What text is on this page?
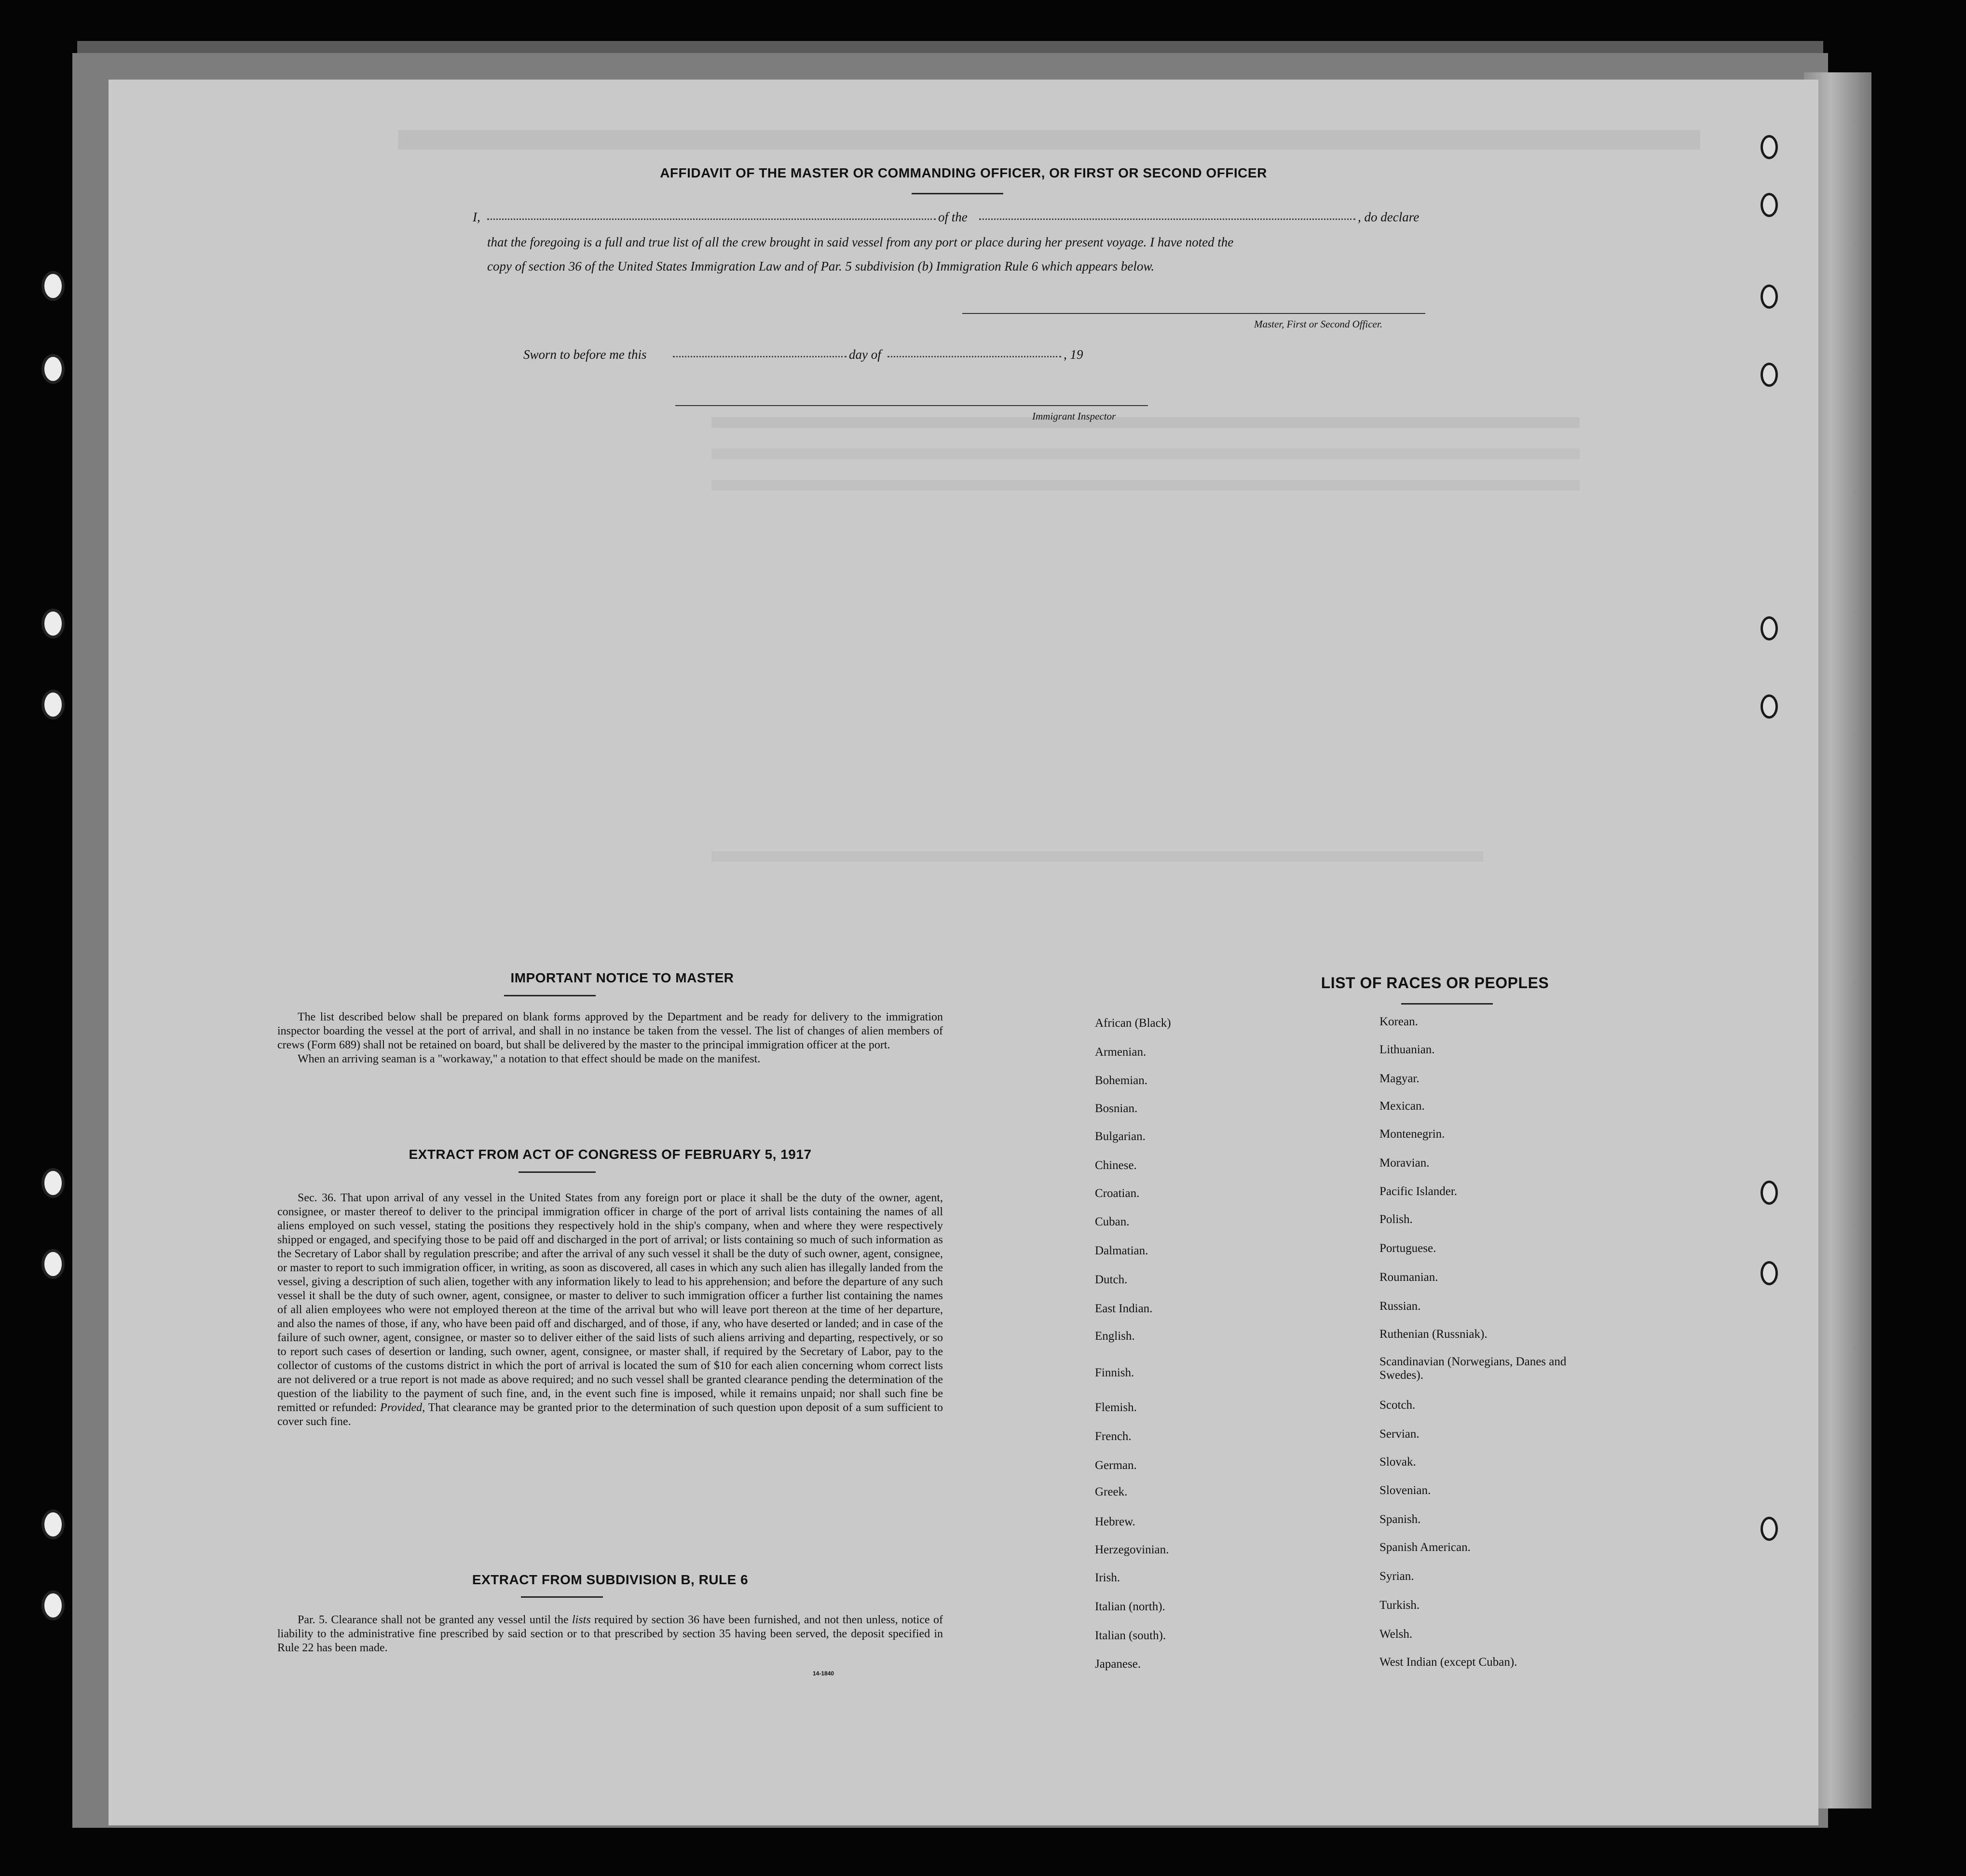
AFFIDAVIT OF THE MASTER OR COMMANDING OFFICER, OR FIRST OR SECOND OFFICER
I,	of the	, do declare
that the foregoing is a full and true list of all the crew brought in said vessel from any port or place during her present voyage. I have noted the
copy of section 36 of the United States Immigration Law and of Par. 5 subdivision (b) Immigration Rule 6 which appears below.
Master, First or Second Officer.
Sworn to before me this	day of	, 19
Immigrant Inspector
IMPORTANT NOTICE TO MASTER

The list described below shall be prepared on blank forms approved by the Department and be ready for delivery to the immigration inspector boarding the vessel at the port of arrival, and shall in no instance be taken from the vessel. The list of changes of alien members of crews (Form 689) shall not be retained on board, but shall be delivered by the master to the principal immigration officer at the port.

When an arriving seaman is a "workaway," a notation to that effect should be made on the manifest.

EXTRACT FROM ACT OF CONGRESS OF FEBRUARY 5, 1917

Sec. 36. That upon arrival of any vessel in the United States from any foreign port or place it shall be the duty of the owner, agent, consignee, or master thereof to deliver to the principal immigration officer in charge of the port of arrival lists containing the names of all aliens employed on such vessel, stating the positions they respectively hold in the ship's company, when and where they were respectively shipped or engaged, and specifying those to be paid off and discharged in the port of arrival; or lists containing so much of such information as the Secretary of Labor shall by regulation prescribe; and after the arrival of any such vessel it shall be the duty of such owner, agent, consignee, or master to report to such immigration officer, in writing, as soon as discovered, all cases in which any such alien has illegally landed from the vessel, giving a description of such alien, together with any information likely to lead to his apprehension; and before the departure of any such vessel it shall be the duty of such owner, agent, consignee, or master to deliver to such immigration officer a further list containing the names of all alien employees who were not employed thereon at the time of the arrival but who will leave port thereon at the time of her departure, and also the names of those, if any, who have been paid off and discharged, and of those, if any, who have deserted or landed; and in case of the failure of such owner, agent, consignee, or master so to deliver either of the said lists of such aliens arriving and departing, respectively, or so to report such cases of desertion or landing, such owner, agent, consignee, or master shall, if required by the Secretary of Labor, pay to the collector of customs of the customs district in which the port of arrival is located the sum of $10 for each alien concerning whom correct lists are not delivered or a true report is not made as above required; and no such vessel shall be granted clearance pending the determination of the question of the liability to the payment of such fine, and, in the event such fine is imposed, while it remains unpaid; nor shall such fine be remitted or refunded: Provided, That clearance may be granted prior to the determination of such question upon deposit of a sum sufficient to cover such fine.

EXTRACT FROM SUBDIVISION B, RULE 6

Par. 5. Clearance shall not be granted any vessel until the lists required by section 36 have been furnished, and not then unless, notice of liability to the administrative fine prescribed by said section or to that prescribed by section 35 having been served, the deposit specified in Rule 22 has been made.

14-1840
LIST OF RACES OR PEOPLES
African (Black)
Armenian.
Bohemian.
Bosnian.
Bulgarian.
Chinese.
Croatian.
Cuban.
Dalmatian.
Dutch.
East Indian.
English.
Finnish.
Flemish.
French.
German.
Greek.
Hebrew.
Herzegovinian.
Irish.
Italian (north).
Italian (south).
Japanese.
Korean.
Lithuanian.
Magyar.
Mexican.
Montenegrin.
Moravian.
Pacific Islander.
Polish.
Portuguese.
Roumanian.
Russian.
Ruthenian (Russniak).
Scandinavian (Norwegians, Danes and Swedes).
Scotch.
Servian.
Slovak.
Slovenian.
Spanish.
Spanish American.
Syrian.
Turkish.
Welsh.
West Indian (except Cuban).
